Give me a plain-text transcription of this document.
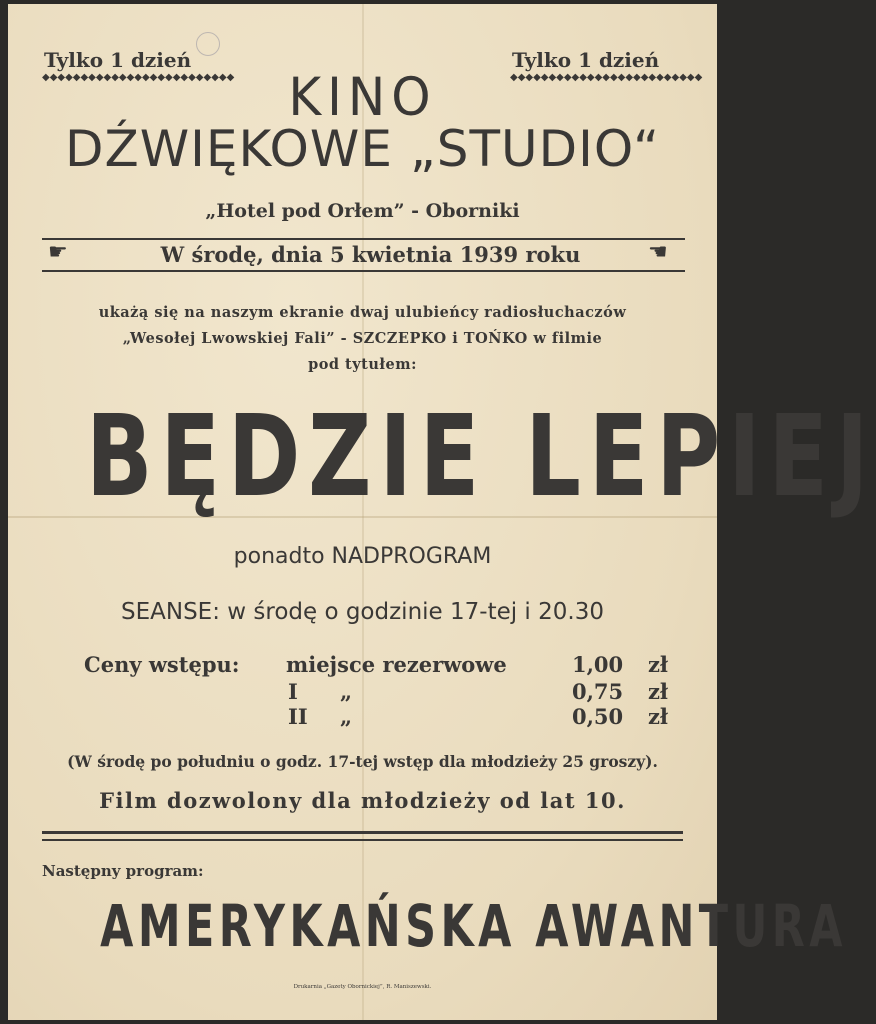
Tylko 1 dzień
◆◆◆◆◆◆◆◆◆◆◆◆◆◆◆◆◆◆◆◆◆◆◆◆◆
Tylko 1 dzień
◆◆◆◆◆◆◆◆◆◆◆◆◆◆◆◆◆◆◆◆◆◆◆◆◆
KINO
DŹWIĘKOWE „STUDIO“
„Hotel pod Orłem” - Oborniki
☛	W środę, dnia 5 kwietnia 1939 roku	☚
ukażą się na naszym ekranie dwaj ulubieńcy radiosłuchaczów
„Wesołej Lwowskiej Fali” - SZCZEPKO i TOŃKO w filmie
pod tytułem:
BĘDZIE LEPIEJ
ponadto NADPROGRAM
SEANSE: w środę o godzinie 17-tej i 20.30
Ceny wstępu: miejsce rezerwowe	1,00 zł
I „	0,75 zł
II „	0,50 zł
(W środę po południu o godz. 17-tej wstęp dla młodzieży 25 groszy).
Film dozwolony dla młodzieży od lat 10.
Następny program:
AMERYKAŃSKA AWANTURA
Drukarnia „Gazety Obornickiej”, R. Maniszewski.
